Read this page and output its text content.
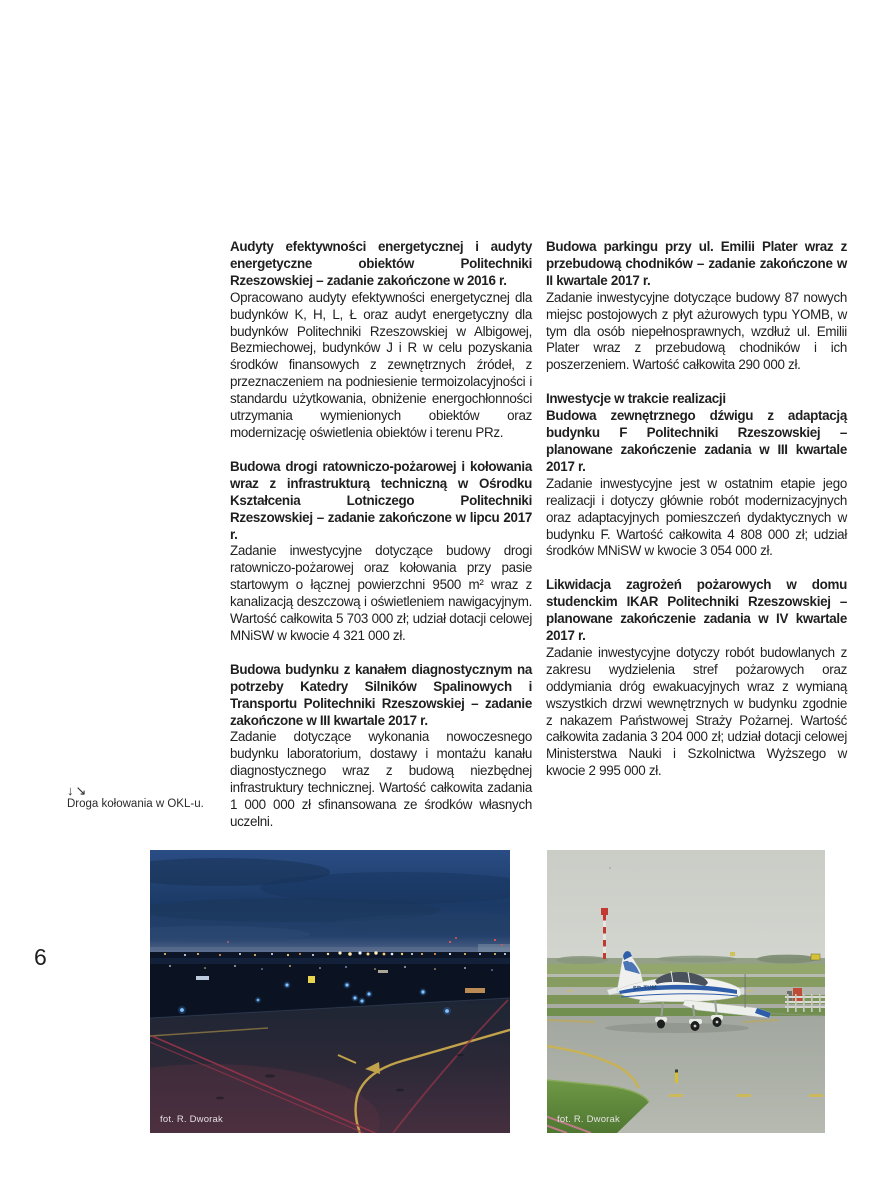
↓↘
Droga kołowania w OKL-u.
6
Audyty efektywności energetycznej i audyty energetyczne obiektów Politechniki Rzeszowskiej – zadanie zakończone w 2016 r.

Opracowano audyty efektywności energetycznej dla budynków K, H, L, Ł oraz audyt energetyczny dla budynków Politechniki Rzeszowskiej w Albigowej, Bezmiechowej, budynków J i R w celu pozyskania środków finansowych z zewnętrznych źródeł, z przeznaczeniem na podniesienie termoizolacyjności i standardu użytkowania, obniżenie energochłonności utrzymania wymienionych obiektów oraz modernizację oświetlenia obiektów i terenu PRz.

Budowa drogi ratowniczo-pożarowej i kołowania wraz z infrastrukturą techniczną w Ośrodku Kształcenia Lotniczego Politechniki Rzeszowskiej – zadanie zakończone w lipcu 2017 r.

Zadanie inwestycyjne dotyczące budowy drogi ratowniczo-pożarowej oraz kołowania przy pasie startowym o łącznej powierzchni 9500 m² wraz z kanalizacją deszczową i oświetleniem nawigacyjnym. Wartość całkowita 5 703 000 zł; udział dotacji celowej MNiSW w kwocie 4 321 000 zł.

Budowa budynku z kanałem diagnostycznym na potrzeby Katedry Silników Spalinowych i Transportu Politechniki Rzeszowskiej – zadanie zakończone w III kwartale 2017 r.

Zadanie dotyczące wykonania nowoczesnego budynku laboratorium, dostawy i montażu kanału diagnostycznego wraz z budową niezbędnej infrastruktury technicznej. Wartość całkowita zadania 1 000 000 zł sfinansowana ze środków własnych uczelni.

Budowa parkingu przy ul. Emilii Plater wraz z przebudową chodników – zadanie zakończone w II kwartale 2017 r.

Zadanie inwestycyjne dotyczące budowy 87 nowych miejsc postojowych z płyt ażurowych typu YOMB, w tym dla osób niepełnosprawnych, wzdłuż ul. Emilii Plater wraz z przebudową chodników i ich poszerzeniem. Wartość całkowita 290 000 zł.

Inwestycje w trakcie realizacji
Budowa zewnętrznego dźwigu z adaptacją budynku F Politechniki Rzeszowskiej – planowane zakończenie zadania w III kwartale 2017 r.

Zadanie inwestycyjne jest w ostatnim etapie jego realizacji i dotyczy głównie robót modernizacyjnych oraz adaptacyjnych pomieszczeń dydaktycznych w budynku F. Wartość całkowita 4 808 000 zł; udział środków MNiSW w kwocie 3 054 000 zł.

Likwidacja zagrożeń pożarowych w domu studenckim IKAR Politechniki Rzeszowskiej – planowane zakończenie zadania w IV kwartale 2017 r.

Zadanie inwestycyjne dotyczy robót budowlanych z zakresu wydzielenia stref pożarowych oraz oddymiania dróg ewakuacyjnych wraz z wymianą wszystkich drzwi wewnętrznych w budynku zgodnie z nakazem Państwowej Straży Pożarnej. Wartość całkowita zadania 3 204 000 zł; udział dotacji celowej Ministerstwa Nauki i Szkolnictwa Wyższego w kwocie 2 995 000 zł.

fot. R. Dworak
SP-TUM
fot. R. Dworak
